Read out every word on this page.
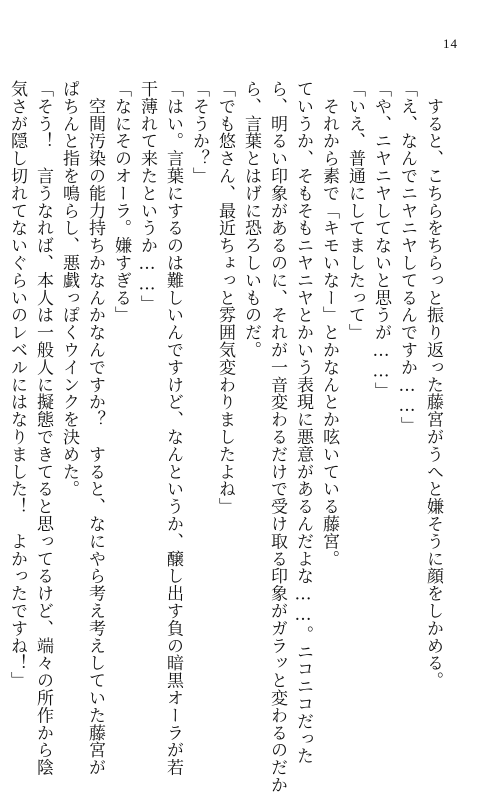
14
　すると、こちらをちらっと振り返った藤宮がうへと嫌そうに顔をしかめる。
「え、なんでニヤニヤしてるんですか……」
「や、ニヤニヤしてないと思うが……」
「いえ、普通にしてましたって」
　それから素で「キモいなー」とかなんとか呟いている藤宮。
ていうか、そもそもニヤニヤとかいう表現に悪意があるんだよな……。ニコニコだった
ら、明るい印象があるのに、それが一音変わるだけで受け取る印象がガラッと変わるのだか
ら、言葉とはげに恐ろしいものだ。
「でも悠さん、最近ちょっと雰囲気変わりましたよね」
「そうか？」
「はい。言葉にするのは難しいんですけど、なんというか、醸し出す負の暗黒オーラが若
干薄れて来たというか……」
「なにそのオーラ。嫌すぎる」
　空間汚染の能力持ちかなんかなんですか？　すると、なにやら考え考えしていた藤宮が
ぱちんと指を鳴らし、悪戯っぽくウインクを決めた。
「そう！　言うなれば、本人は一般人に擬態できてると思ってるけど、端々の所作から陰
気さが隠し切れてないぐらいのレベルにはなりました！　よかったですね！」
